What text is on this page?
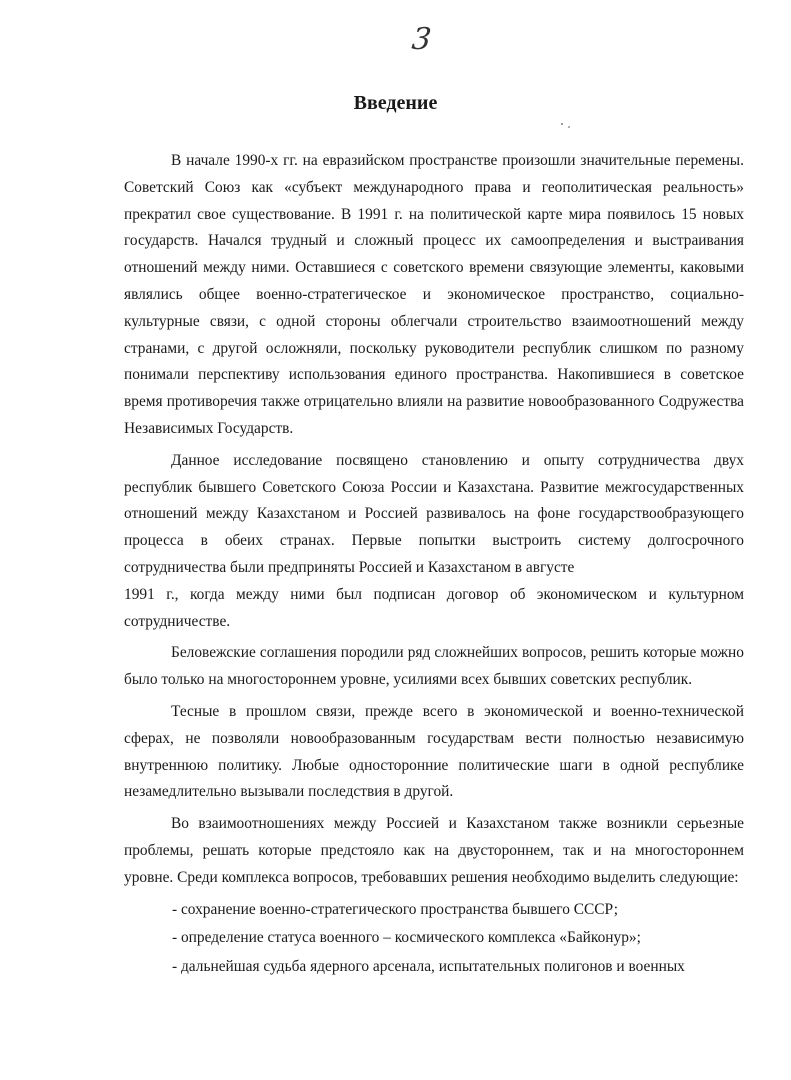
3
Введение

В начале 1990-х гг. на евразийском пространстве произошли значительные перемены. Советский Союз как «субъект международного права и геополитическая реальность» прекратил свое существование. В 1991 г. на политической карте мира появилось 15 новых государств. Начался трудный и сложный процесс их самоопределения и выстраивания отношений между ними. Оставшиеся с советского времени связующие элементы, каковыми являлись общее военно-стратегическое и экономическое пространство, социально-культурные связи, с одной стороны облегчали строительство взаимоотношений между странами, с другой осложняли, поскольку руководители республик слишком по разному понимали перспективу использования единого пространства. Накопившиеся в советское время противоречия также отрицательно влияли на развитие новообразованного Содружества Независимых Государств.

Данное исследование посвящено становлению и опыту сотрудничества двух республик бывшего Советского Союза России и Казахстана. Развитие межгосударственных отношений между Казахстаном и Россией развивалось на фоне государствообразующего процесса в обеих странах. Первые попытки выстроить систему долгосрочного сотрудничества были предприняты Россией и Казахстаном в августе

1991 г., когда между ними был подписан договор об экономическом и культурном сотрудничестве.

Беловежские соглашения породили ряд сложнейших вопросов, решить которые можно было только на многостороннем уровне, усилиями всех бывших советских республик.

Тесные в прошлом связи, прежде всего в экономической и военно-технической сферах, не позволяли новообразованным государствам вести полностью независимую внутреннюю политику. Любые односторонние политические шаги в одной республике незамедлительно вызывали последствия в другой.

Во взаимоотношениях между Россией и Казахстаном также возникли серьезные проблемы, решать которые предстояло как на двустороннем, так и на многостороннем уровне. Среди комплекса вопросов, требовавших решения необходимо выделить следующие:

- сохранение военно-стратегического пространства бывшего СССР;

- определение статуса военного – космического комплекса «Байконур»;

- дальнейшая судьба ядерного арсенала, испытательных полигонов и военных
